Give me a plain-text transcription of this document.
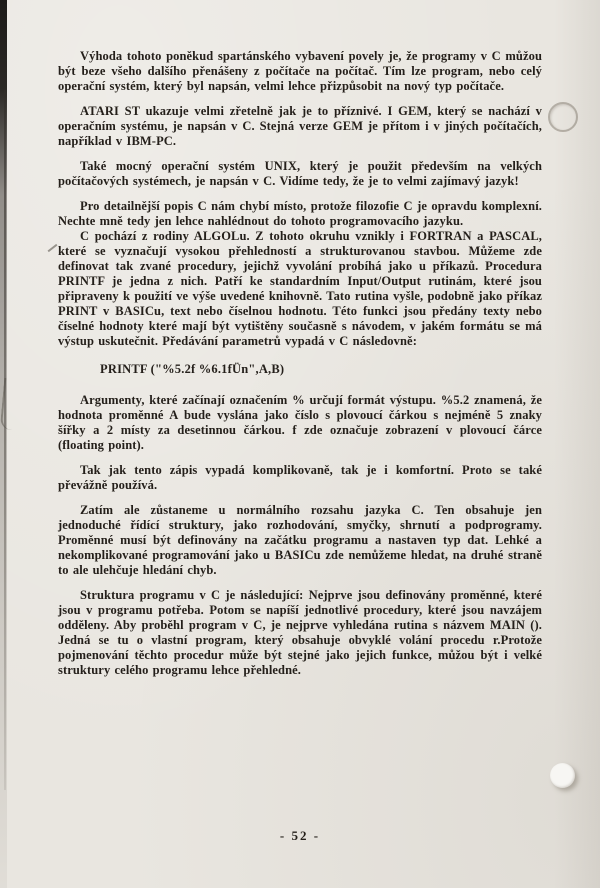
Výhoda tohoto poněkud spartánského vybavení povely je, že programy v C můžou být beze všeho dalšího přenášeny z počítače na počítač. Tím lze program, nebo celý operační systém, který byl napsán, velmi lehce přizpůsobit na nový typ počítače.

ATARI ST ukazuje velmi zřetelně jak je to příznivé. I GEM, který se nachází v operačním systému, je napsán v C. Stejná verze GEM je přítom i v jiných počítačích, například v IBM-PC.

Také mocný operační systém UNIX, který je použit především na velkých počítačových systémech, je napsán v C. Vidíme tedy, že je to velmi zajímavý jazyk!

Pro detailnější popis C nám chybí místo, protože filozofie C je opravdu komplexní. Nechte mně tedy jen lehce nahlédnout do tohoto programovacího jazyku.

C pochází z rodiny ALGOLu. Z tohoto okruhu vznikly i FORTRAN a PASCAL, které se vyznačují vysokou přehledností a strukturovanou stavbou. Můžeme zde definovat tak zvané procedury, jejichž vyvolání probíhá jako u příkazů. Procedura PRINTF je jedna z nich. Patří ke standardním Input/Output rutinám, které jsou připraveny k použití ve výše uvedené knihovně. Tato rutina vyšle, podobně jako příkaz PRINT v BASICu, text nebo číselnou hodnotu. Této funkci jsou předány texty nebo číselné hodnoty které mají být vytištěny současně s návodem, v jakém formátu se má výstup uskutečnit. Předávání parametrů vypadá v C následovně:

PRINTF ("%5.2f %6.1fÜn",A,B)

Argumenty, které začínají označením % určují formát výstupu. %5.2 znamená, že hodnota proměnné A bude vyslána jako číslo s plovoucí čárkou s nejméně 5 znaky šířky a 2 místy za desetinnou čárkou. f zde označuje zobrazení v plovoucí čárce (floating point).

Tak jak tento zápis vypadá komplikovaně, tak je i komfortní. Proto se také převážně používá.

Zatím ale zůstaneme u normálního rozsahu jazyka C. Ten obsahuje jen jednoduché řídící struktury, jako rozhodování, smyčky, shrnutí a podprogramy. Proměnné musí být definovány na začátku programu a nastaven typ dat. Lehké a nekomplikované programování jako u BASICu zde nemůžeme hledat, na druhé straně to ale ulehčuje hledání chyb.

Struktura programu v C je následující: Nejprve jsou definovány proměnné, které jsou v programu potřeba. Potom se napíší jednotlivé procedury, které jsou navzájem odděleny. Aby proběhl program v C, je nejprve vyhledána rutina s názvem MAIN (). Jedná se tu o vlastní program, který obsahuje obvyklé volání procedu r.Protože pojmenování těchto procedur může být stejné jako jejich funkce, můžou být i velké struktury celého programu lehce přehledné.

- 52 -
